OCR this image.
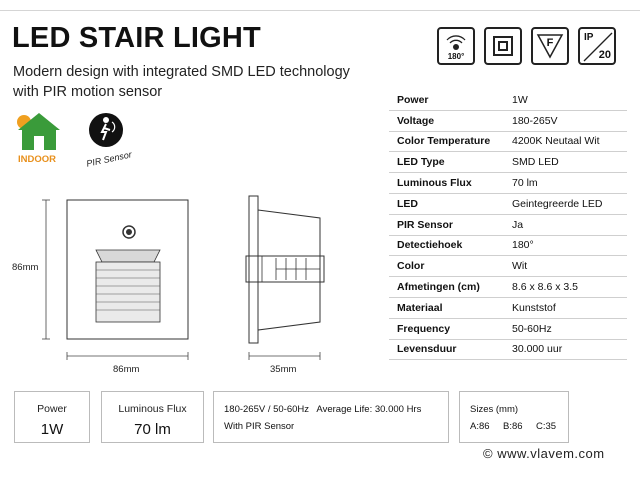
LED STAIR LIGHT
Modern design with integrated SMD LED technology
with PIR motion sensor
180°
F	IP
20
INDOOR	PIR Sensor
86mm
86mm	35mm
Power	1W
Voltage	180-265V
Color Temperature	4200K Neutaal Wit
LED Type	SMD LED
Luminous Flux	70 lm
LED	Geintegreerde LED
PIR Sensor	Ja
Detectiehoek	180°
Color	Wit
Afmetingen (cm)	8.6 x 8.6 x 3.5
Materiaal	Kunststof
Frequency	50-60Hz
Levensduur	30.000 uur
Power
1W
Luminous Flux
70 lm
180-265V / 50-60Hz   Average Life: 30.000 Hrs
With PIR Sensor
Sizes (mm)
A:86 B:86 C:35
© www.vlavem.com
